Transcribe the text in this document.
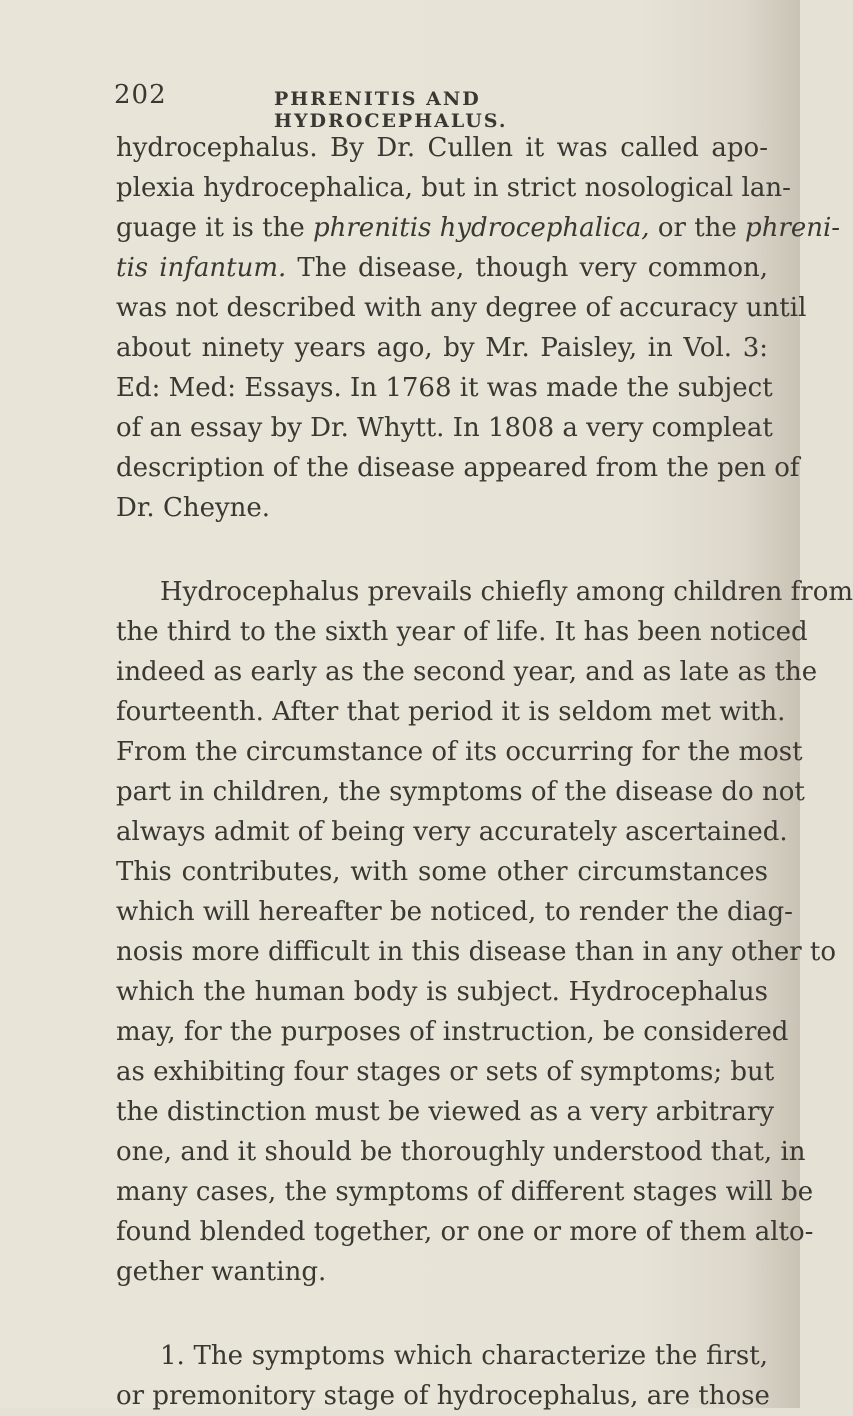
202	PHRENITIS AND HYDROCEPHALUS.
hydrocephalus. By Dr. Cullen it was called apo-
plexia hydrocephalica, but in strict nosological lan-
guage it is the phrenitis hydrocephalica, or the phreni-
tis infantum. The disease, though very common,
was not described with any degree of accuracy until
about ninety years ago, by Mr. Paisley, in Vol. 3:
Ed: Med: Essays. In 1768 it was made the subject
of an essay by Dr. Whytt. In 1808 a very compleat
description of the disease appeared from the pen of
Dr. Cheyne.
Hydrocephalus prevails chiefly among children from
the third to the sixth year of life. It has been noticed
indeed as early as the second year, and as late as the
fourteenth. After that period it is seldom met with.
From the circumstance of its occurring for the most
part in children, the symptoms of the disease do not
always admit of being very accurately ascertained.
This contributes, with some other circumstances
which will hereafter be noticed, to render the diag-
nosis more difficult in this disease than in any other to
which the human body is subject. Hydrocephalus
may, for the purposes of instruction, be considered
as exhibiting four stages or sets of symptoms; but
the distinction must be viewed as a very arbitrary
one, and it should be thoroughly understood that, in
many cases, the symptoms of different stages will be
found blended together, or one or more of them alto-
gether wanting.
1. The symptoms which characterize the first,
or premonitory stage of hydrocephalus, are those
